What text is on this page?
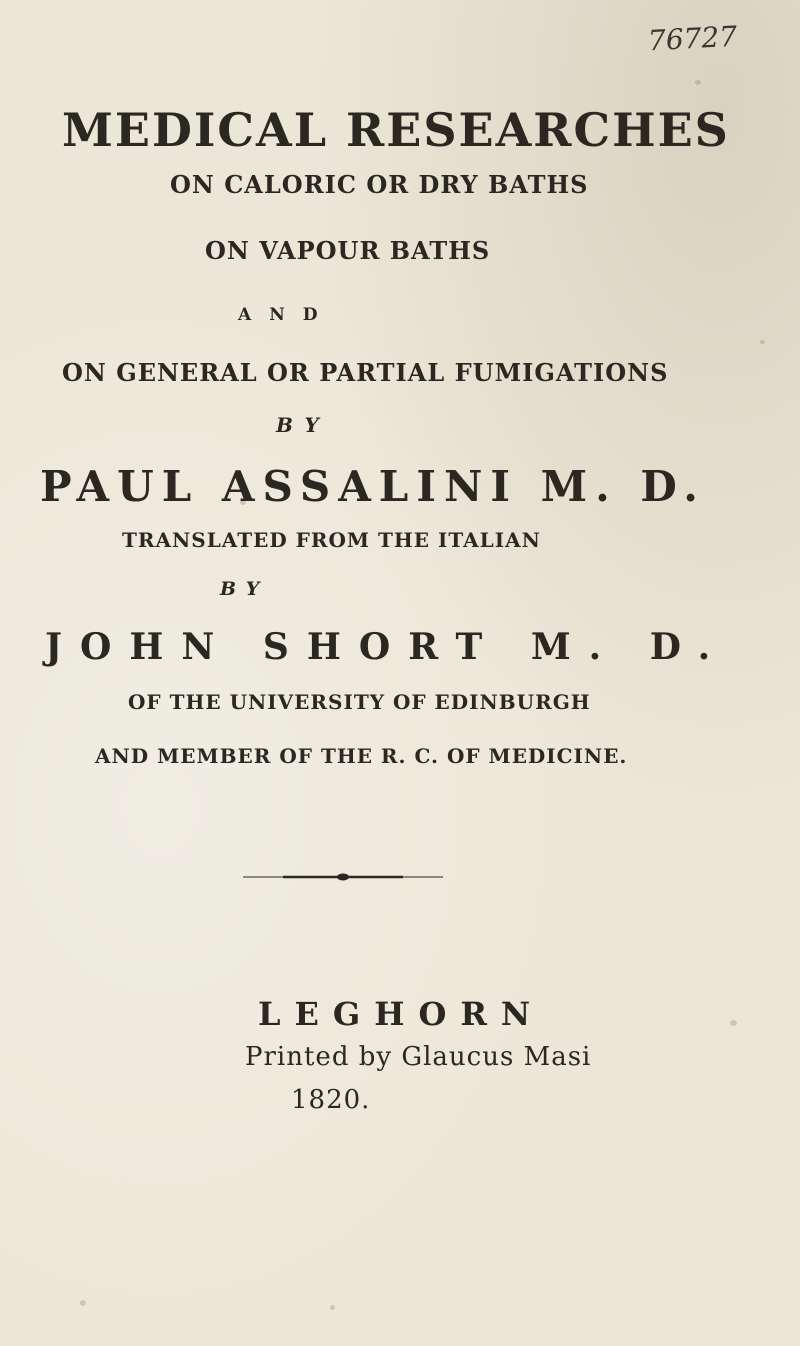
76727
MEDICAL RESEARCHES
ON CALORIC OR DRY BATHS
ON VAPOUR BATHS
AND
ON GENERAL OR PARTIAL FUMIGATIONS
BY
PAUL ASSALINI M. D.
TRANSLATED FROM THE ITALIAN
BY
JOHN SHORT M. D.
OF THE UNIVERSITY OF EDINBURGH
AND MEMBER OF THE R. C. OF MEDICINE.
LEGHORN
Printed by Glaucus Masi
1820.
